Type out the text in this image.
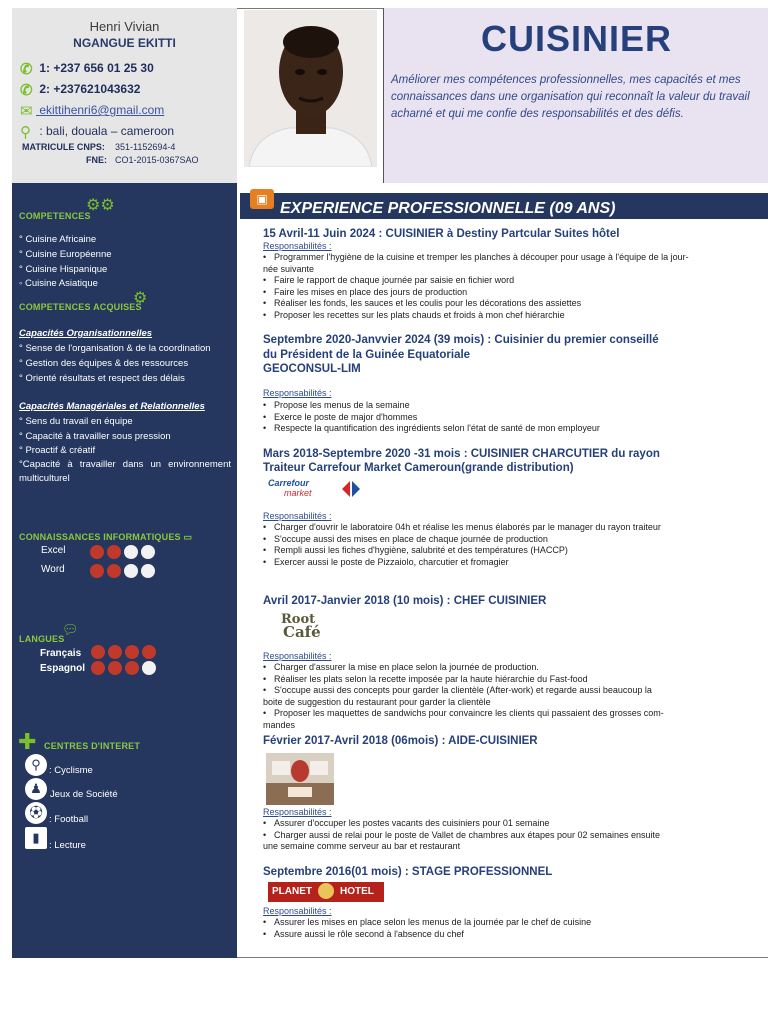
Henri Vivian
NGANGUE EKITTI
✆ 1: +237 656 01 25 30
✆ 2: +237621043632
✉ ekittihenri6@gmail.com
⚲ : bali, douala – cameroon
MATRICULE CNPS: 351-1152694-4
FNE: CO1-2015-0367SAO
CUISINIER
Améliorer mes compétences professionnelles, mes capacités et mes connaissances dans une organisation qui reconnaît la valeur du travail acharné et qui me confie des responsabilités et des défis.
COMPETENCES
⚙⚙
° Cuisine Africaine
° Cuisine Européenne
° Cuisine Hispanique
◦ Cuisine Asiatique
COMPETENCES ACQUISES
⚙
Capacités Organisationnelles
° Sense de l'organisation & de la coordination
° Gestion des équipes & des ressources
° Orienté résultats et respect des délais
Capacités Managériales et Relationnelles
° Sens du travail en équipe
° Capacité à travailler sous pression
° Proactif & créatif
°Capacité à travailler dans un environnement
multiculturel
CONNAISSANCES INFORMATIQUES ▭
Excel
Word
LANGUES
💬︎
Français
Espagnol
✚ CENTRES D'INTERET
⚲ : Cyclisme
♟ Jeux de Société
⚽︎ : Football
▮
: Lecture
▣
EXPERIENCE PROFESSIONNELLE (09 ANS)
15 Avril-11 Juin 2024 : CUISINIER à Destiny Partcular Suites hôtel
Responsabilités :
• Programmer l'hygiène de la cuisine et tremper les planches à découper pour usage à l'équipe de la jour-
née suivante
• Faire le rapport de chaque journée par saisie en fichier word
• Faire les mises en place des jours de production
• Réaliser les fonds, les sauces et les coulis pour les décorations des assiettes
• Proposer les recettes sur les plats chauds et froids à mon chef hiérarchie
Septembre 2020-Janvvier 2024 (39 mois) : Cuisinier du premier conseillé
du Président de la Guinée Equatoriale
GEOCONSUL-LIM
Responsabilités :
• Propose les menus de la semaine
• Exerce le poste de major d'hommes
• Respecte la quantification des ingrédients selon l'état de santé de mon employeur
Mars 2018-Septembre 2020 -31 mois : CUISINIER CHARCUTIER du rayon
Traiteur Carrefour Market Cameroun(grande distribution)
Carrefour
market
Responsabilités :
• Charger d'ouvrir le laboratoire 04h et réalise les menus élaborés par le manager du rayon traiteur
• S'occupe aussi des mises en place de chaque journée de production
• Rempli aussi les fiches d'hygiène, salubrité et des températures (HACCP)
• Exercer aussi le poste de Pizzaiolo, charcutier et fromagier
Avril 2017-Janvier 2018 (10 mois) : CHEF CUISINIER
Root
Café
Responsabilités :
• Charger d'assurer la mise en place selon la journée de production.
• Réaliser les plats selon la recette imposée par la haute hiérarchie du Fast-food
• S'occupe aussi des concepts pour garder la clientèle (After-work) et regarde aussi beaucoup la
boite de suggestion du restaurant pour garder la clientèle
• Proposer les maquettes de sandwichs pour convaincre les clients qui passaient des grosses com-
mandes
Février 2017-Avril 2018 (06mois) : AIDE-CUISINIER
Responsabilités :
• Assurer d'occuper les postes vacants des cuisiniers pour 01 semaine
• Charger aussi de relai pour le poste de Vallet de chambres aux étapes pour 02 semaines ensuite
une semaine comme serveur au bar et restaurant
Septembre 2016(01 mois) : STAGE PROFESSIONNEL
PLANET	HOTEL
Responsabilités :
• Assurer les mises en place selon les menus de la journée par le chef de cuisine
• Assure aussi le rôle second à l'absence du chef
